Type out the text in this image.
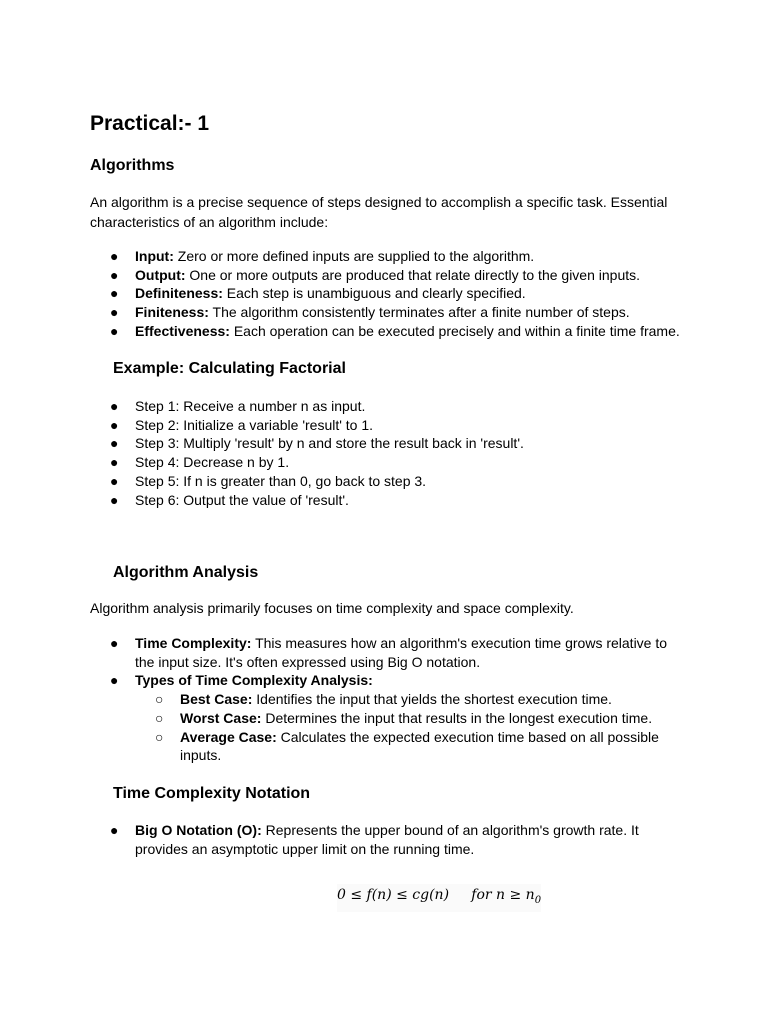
Practical:- 1
Algorithms

An algorithm is a precise sequence of steps designed to accomplish a specific task. Essential
characteristics of an algorithm include:

● Input: Zero or more defined inputs are supplied to the algorithm.
● Output: One or more outputs are produced that relate directly to the given inputs.
● Definiteness: Each step is unambiguous and clearly specified.
● Finiteness: The algorithm consistently terminates after a finite number of steps.
● Effectiveness: Each operation can be executed precisely and within a finite time frame.
Example: Calculating Factorial
● Step 1: Receive a number n as input.
● Step 2: Initialize a variable 'result' to 1.
● Step 3: Multiply 'result' by n and store the result back in 'result'.
● Step 4: Decrease n by 1.
● Step 5: If n is greater than 0, go back to step 3.
● Step 6: Output the value of 'result'.
Algorithm Analysis

Algorithm analysis primarily focuses on time complexity and space complexity.

● Time Complexity: This measures how an algorithm's execution time grows relative to
the input size. It's often expressed using Big O notation.
● Types of Time Complexity Analysis:
○ Best Case: Identifies the input that yields the shortest execution time.
○ Worst Case: Determines the input that results in the longest execution time.
○ Average Case: Calculates the expected execution time based on all possible
inputs.
Time Complexity Notation
● Big O Notation (O): Represents the upper bound of an algorithm's growth rate. It
provides an asymptotic upper limit on the running time.
0 ≤ f(n) ≤ cg(n)     for $n \ge n_0$
